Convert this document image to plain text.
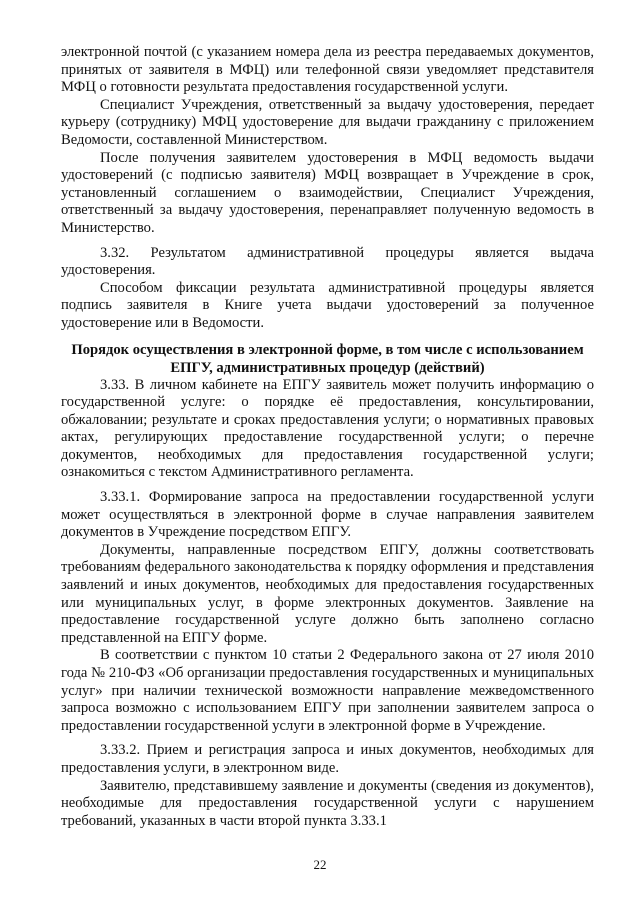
электронной почтой (с указанием номера дела из реестра передаваемых документов, принятых от заявителя в МФЦ) или телефонной связи уведомляет представителя МФЦ о готовности результата предоставления государственной услуги.

Специалист Учреждения, ответственный за выдачу удостоверения, передает курьеру (сотруднику) МФЦ удостоверение для выдачи гражданину с приложением Ведомости, составленной Министерством.

После получения заявителем удостоверения в МФЦ ведомость выдачи удостоверений (с подписью заявителя) МФЦ возвращает в Учреждение в срок, установленный соглашением о взаимодействии, Специалист Учреждения, ответственный за выдачу удостоверения, перенаправляет полученную ведомость в Министерство.

3.32. Результатом административной процедуры является выдача удостоверения.

Способом фиксации результата административной процедуры является подпись заявителя в Книге учета выдачи удостоверений за полученное удостоверение или в Ведомости.

Порядок осуществления в электронной форме, в том числе с использованием ЕПГУ, административных процедур (действий)

3.33. В личном кабинете на ЕПГУ заявитель может получить информацию о государственной услуге: о порядке её предоставления, консультировании, обжаловании; результате и сроках предоставления услуги; о нормативных правовых актах, регулирующих предоставление государственной услуги; о перечне документов, необходимых для предоставления государственной услуги; ознакомиться с текстом Административного регламента.

3.33.1. Формирование запроса на предоставлении государственной услуги может осуществляться в электронной форме в случае направления заявителем документов в Учреждение посредством ЕПГУ.

Документы, направленные посредством ЕПГУ, должны соответствовать требованиям федерального законодательства к порядку оформления и представления заявлений и иных документов, необходимых для предоставления государственных или муниципальных услуг, в форме электронных документов. Заявление на предоставление государственной услуге должно быть заполнено согласно представленной на ЕПГУ форме.

В соответствии с пунктом 10 статьи 2 Федерального закона от 27 июля 2010 года № 210-ФЗ «Об организации предоставления государственных и муниципальных услуг» при наличии технической возможности направление межведомственного запроса возможно с использованием ЕПГУ при заполнении заявителем запроса о предоставлении государственной услуги в электронной форме в Учреждение.

3.33.2. Прием и регистрация запроса и иных документов, необходимых для предоставления услуги, в электронном виде.

Заявителю, представившему заявление и документы (сведения из документов), необходимые для предоставления государственной услуги с нарушением требований, указанных в части второй пункта 3.33.1

22
